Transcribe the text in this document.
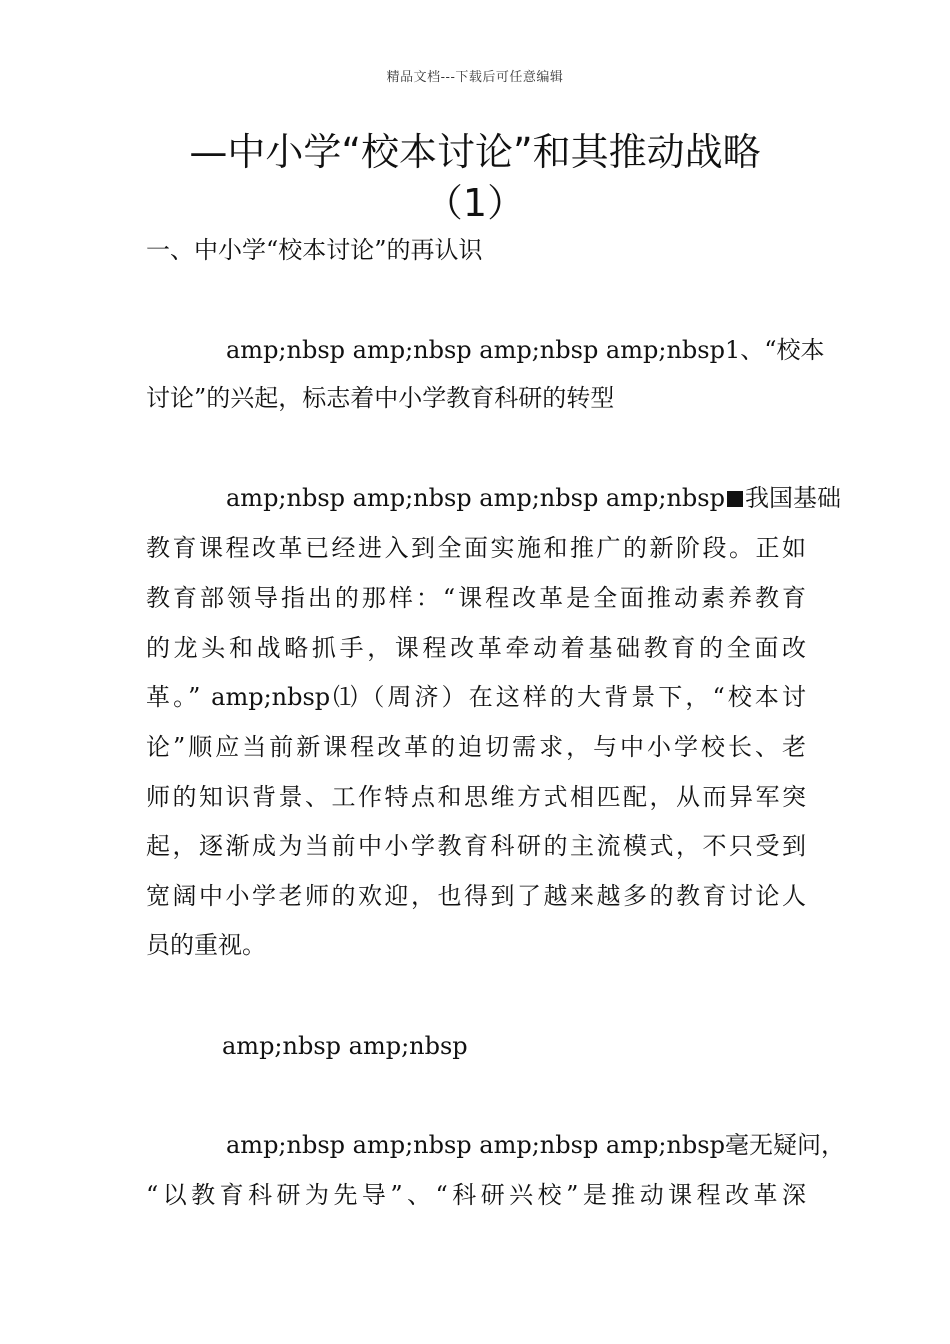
精品文档---下载后可任意编辑
—中小学“校本讨论”和其推动战略
（1）
一、中小学“校本讨论”的再认识
amp;nbsp amp;nbsp amp;nbsp amp;nbsp1、“校本
讨论”的兴起，标志着中小学教育科研的转型
amp;nbsp amp;nbsp amp;nbsp amp;nbsp 我国基础
教育课程改革已经进入到全面实施和推广的新阶段。正如
教育部领导指出的那样：“课程改革是全面推动素养教育
的龙头和战略抓手，课程改革牵动着基础教育的全面改
革。” amp;nbsp⑴（周济）在这样的大背景下，“校本讨
论”顺应当前新课程改革的迫切需求，与中小学校长、老
师的知识背景、工作特点和思维方式相匹配，从而异军突
起，逐渐成为当前中小学教育科研的主流模式，不只受到
宽阔中小学老师的欢迎，也得到了越来越多的教育讨论人
员的重视。
amp;nbsp amp;nbsp
amp;nbsp amp;nbsp amp;nbsp amp;nbsp毫无疑问，
“以教育科研为先导”、“科研兴校”是推动课程改革深
